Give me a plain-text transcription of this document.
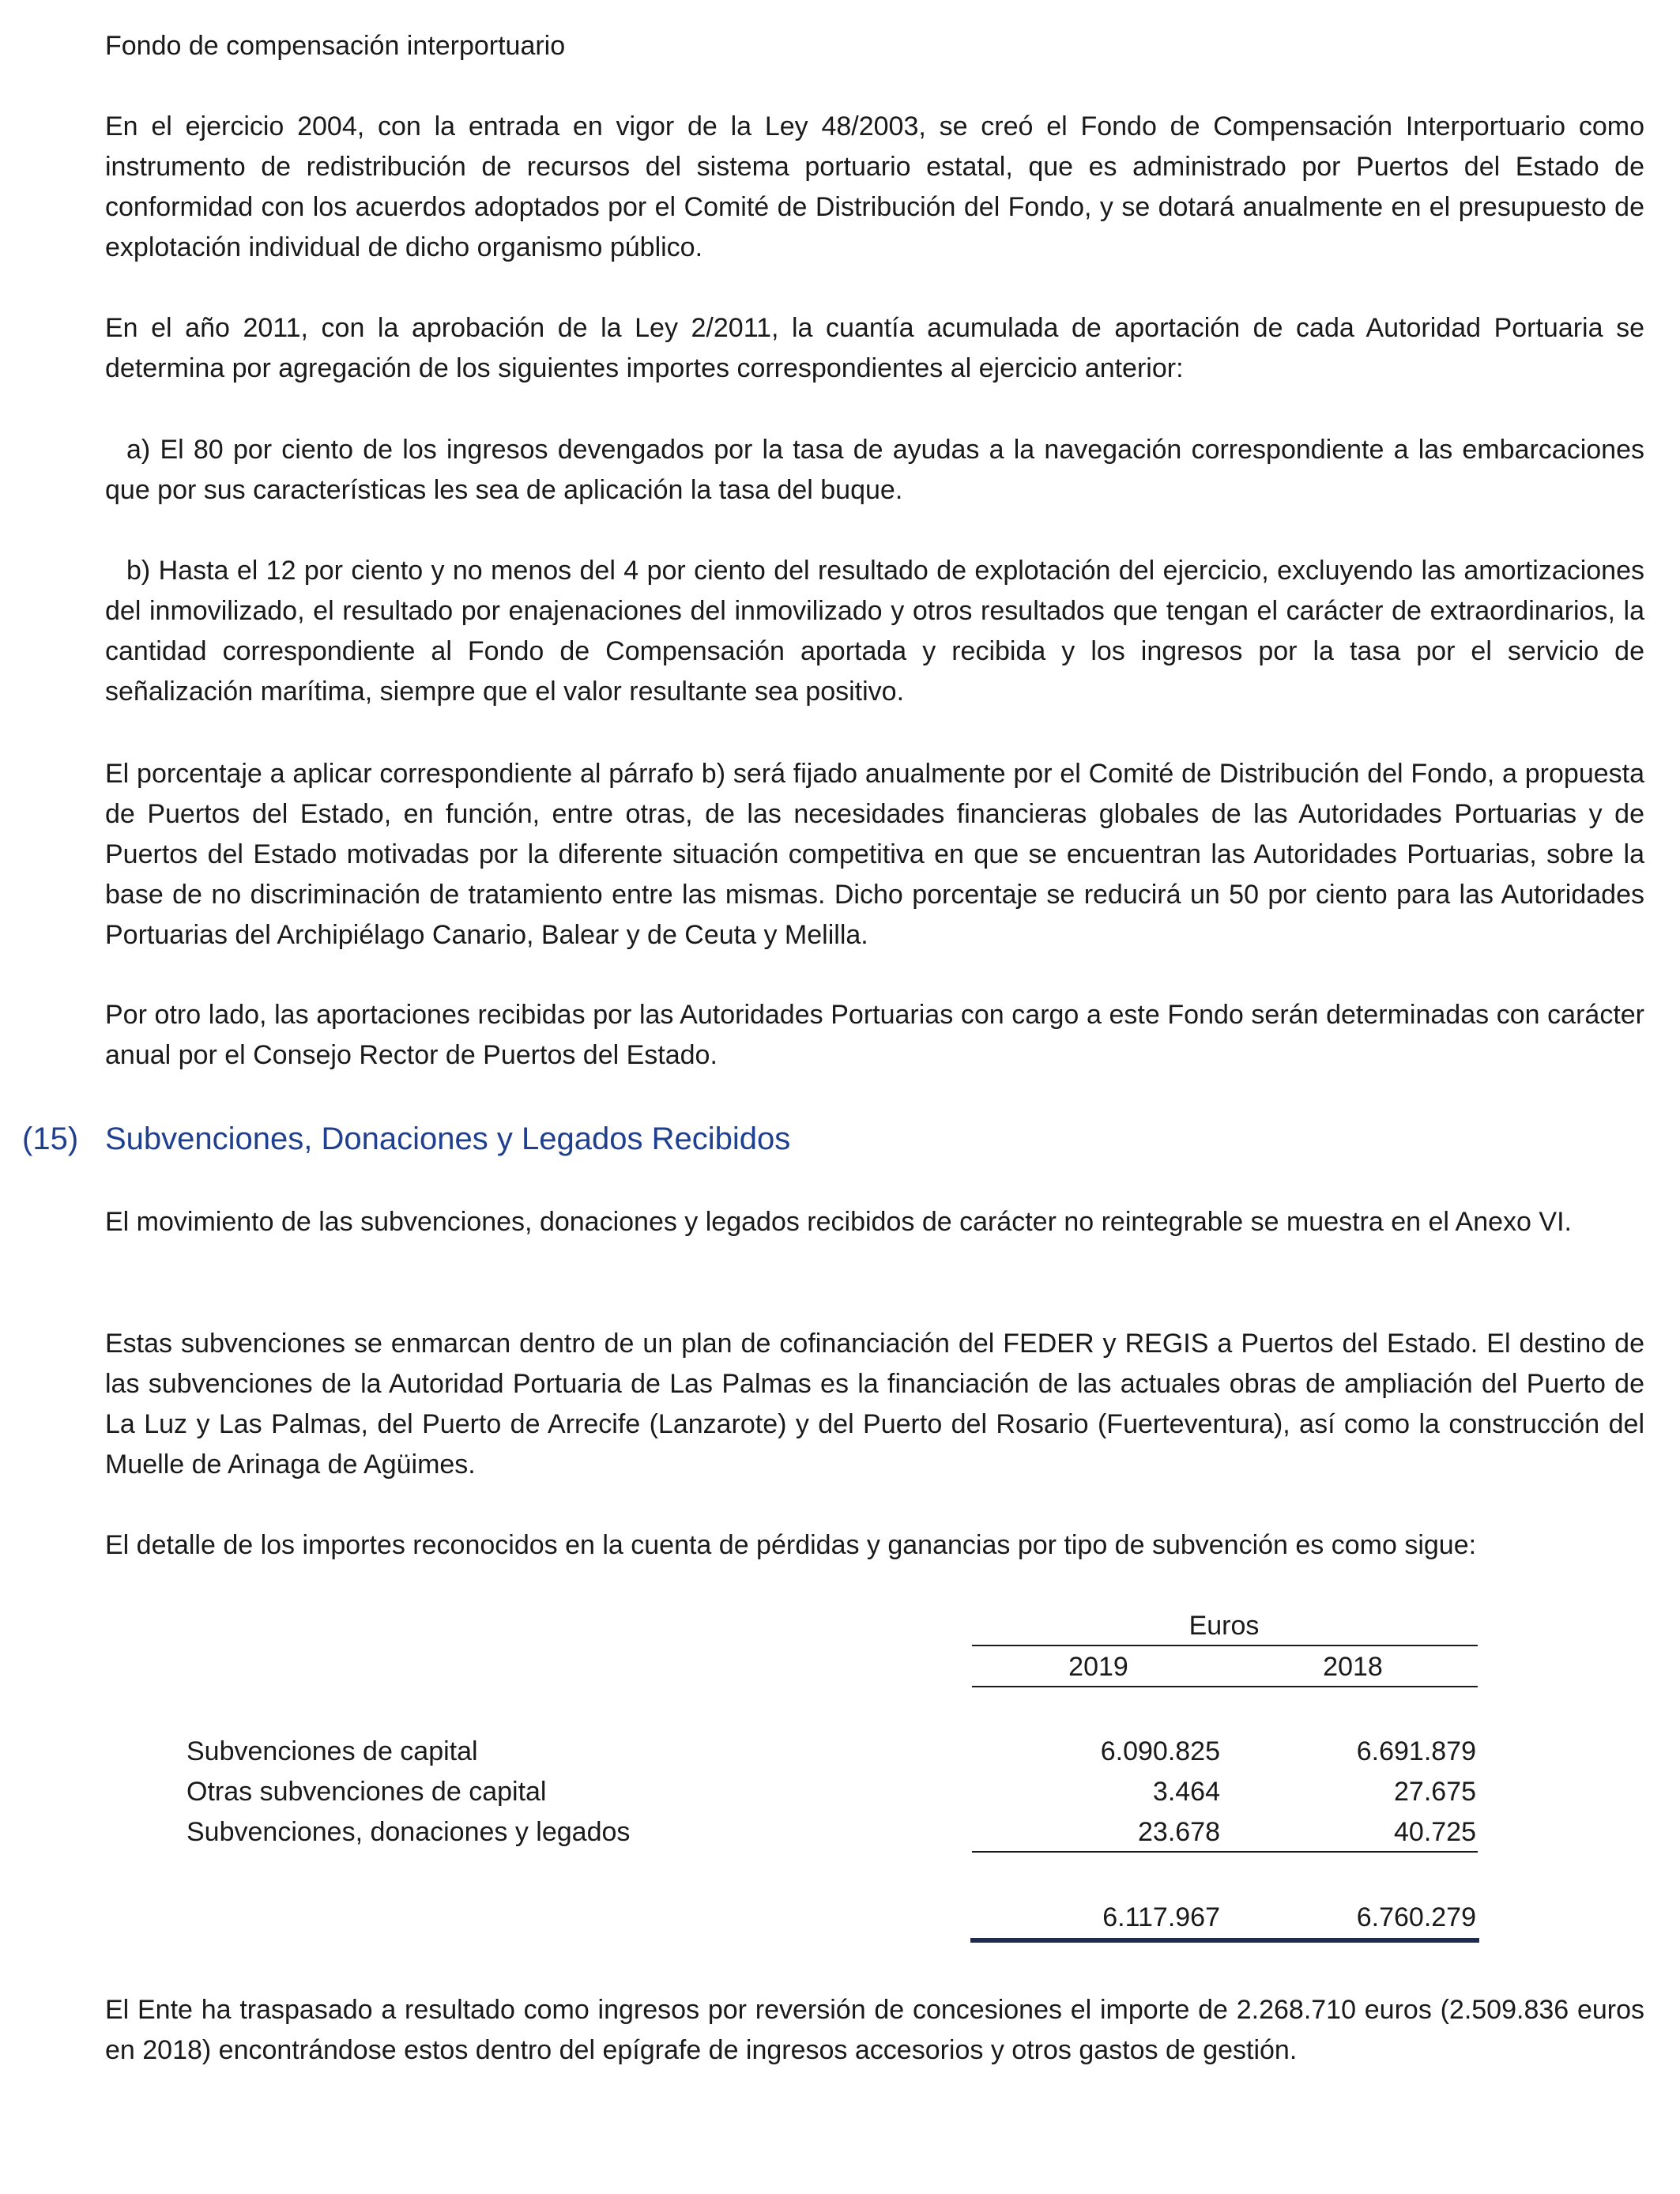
Fondo de compensación interportuario

En el ejercicio 2004, con la entrada en vigor de la Ley 48/2003, se creó el Fondo de Compensación Interportuario como instrumento de redistribución de recursos del sistema portuario estatal, que es administrado por Puertos del Estado de conformidad con los acuerdos adoptados por el Comité de Distribución del Fondo, y se dotará anualmente en el presupuesto de explotación individual de dicho organismo público.

En el año 2011, con la aprobación de la Ley 2/2011, la cuantía acumulada de aportación de cada Autoridad Portuaria se determina por agregación de los siguientes importes correspondientes al ejercicio anterior:

a) El 80 por ciento de los ingresos devengados por la tasa de ayudas a la navegación correspondiente a las embarcaciones que por sus características les sea de aplicación la tasa del buque.

b) Hasta el 12 por ciento y no menos del 4 por ciento del resultado de explotación del ejercicio, excluyendo las amortizaciones del inmovilizado, el resultado por enajenaciones del inmovilizado y otros resultados que tengan el carácter de extraordinarios, la cantidad correspondiente al Fondo de Compensación aportada y recibida y los ingresos por la tasa por el servicio de señalización marítima, siempre que el valor resultante sea positivo.

El porcentaje a aplicar correspondiente al párrafo b) será fijado anualmente por el Comité de Distribución del Fondo, a propuesta de Puertos del Estado, en función, entre otras, de las necesidades financieras globales de las Autoridades Portuarias y de Puertos del Estado motivadas por la diferente situación competitiva en que se encuentran las Autoridades Portuarias, sobre la base de no discriminación de tratamiento entre las mismas. Dicho porcentaje se reducirá un 50 por ciento para las Autoridades Portuarias del Archipiélago Canario, Balear y de Ceuta y Melilla.

Por otro lado, las aportaciones recibidas por las Autoridades Portuarias con cargo a este Fondo serán determinadas con carácter anual por el Consejo Rector de Puertos del Estado.

(15) Subvenciones, Donaciones y Legados Recibidos

El movimiento de las subvenciones, donaciones y legados recibidos de carácter no reintegrable se muestra en el Anexo VI.

Estas subvenciones se enmarcan dentro de un plan de cofinanciación del FEDER y REGIS a Puertos del Estado. El destino de las subvenciones de la Autoridad Portuaria de Las Palmas es la financiación de las actuales obras de ampliación del Puerto de La Luz y Las Palmas, del Puerto de Arrecife (Lanzarote) y del Puerto del Rosario (Fuerteventura), así como la construcción del Muelle de Arinaga de Agüimes.

El detalle de los importes reconocidos en la cuenta de pérdidas y ganancias por tipo de subvención es como sigue:

Euros
2019	2018
Subvenciones de capital	6.090.825	6.691.879
Otras subvenciones de capital	3.464	27.675
Subvenciones, donaciones y legados	23.678	40.725
6.117.967	6.760.279

El Ente ha traspasado a resultado como ingresos por reversión de concesiones el importe de 2.268.710 euros (2.509.836 euros en 2018) encontrándose estos dentro del epígrafe de ingresos accesorios y otros gastos de gestión.
